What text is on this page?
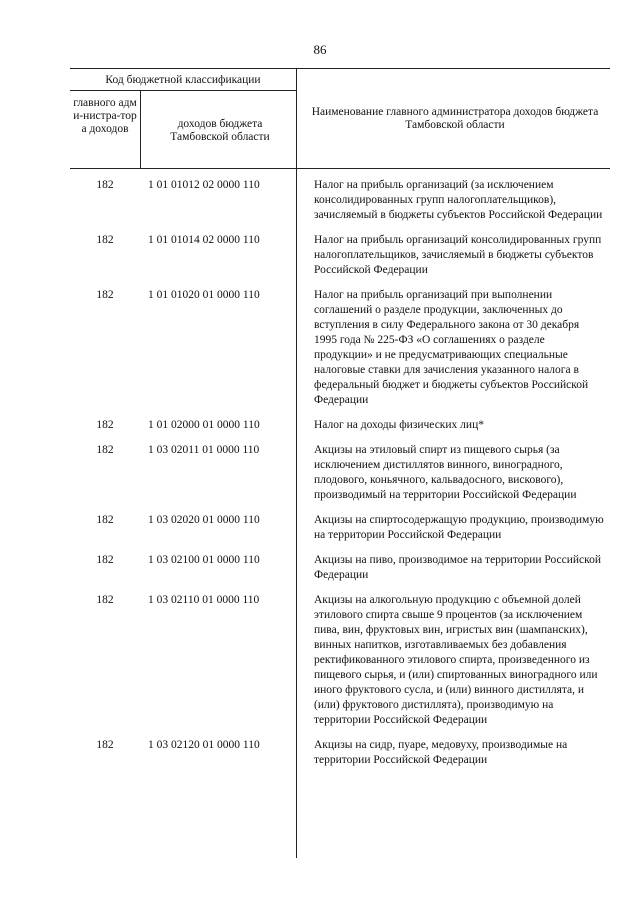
86
Код бюджетной классификации
главного адми-нистра-тора доходов	доходов бюджета Тамбовской области
Наименование главного администратора доходов бюджета Тамбовской области
182	1 01 01012 02 0000 110	Налог на прибыль организаций (за исключением консолидированных групп налогоплательщиков), зачисляемый в бюджеты субъектов Российской Федерации
182	1 01 01014 02 0000 110	Налог на прибыль организаций консолидированных групп налогоплательщиков, зачисляемый в бюджеты субъектов Российской Федерации
182	1 01 01020 01 0000 110	Налог на прибыль организаций при выполнении соглашений о разделе продукции, заключенных до вступления в силу Федерального закона от 30 декабря 1995 года № 225-ФЗ «О соглашениях о разделе продукции» и не предусматривающих специальные налоговые ставки для зачисления указанного налога в федеральный бюджет и бюджеты субъектов Российской Федерации
182	1 01 02000 01 0000 110	Налог на доходы физических лиц*
182	1 03 02011 01 0000 110	Акцизы на этиловый спирт из пищевого сырья (за исключением дистиллятов винного, виноградного, плодового, коньячного, кальвадосного, вискового), производимый на территории Российской Федерации
182	1 03 02020 01 0000 110	Акцизы на спиртосодержащую продукцию, производимую на территории Российской Федерации
182	1 03 02100 01 0000 110	Акцизы на пиво, производимое на территории Российской Федерации
182	1 03 02110 01 0000 110	Акцизы на алкогольную продукцию с объемной долей этилового спирта свыше 9 процентов (за исключением пива, вин, фруктовых вин, игристых вин (шампанских), винных напитков, изготавливаемых без добавления ректификованного этилового спирта, произведенного из пищевого сырья, и (или) спиртованных виноградного или иного фруктового сусла, и (или) винного дистиллята, и (или) фруктового дистиллята), производимую на территории Российской Федерации
182	1 03 02120 01 0000 110	Акцизы на сидр, пуаре, медовуху, производимые на территории Российской Федерации
